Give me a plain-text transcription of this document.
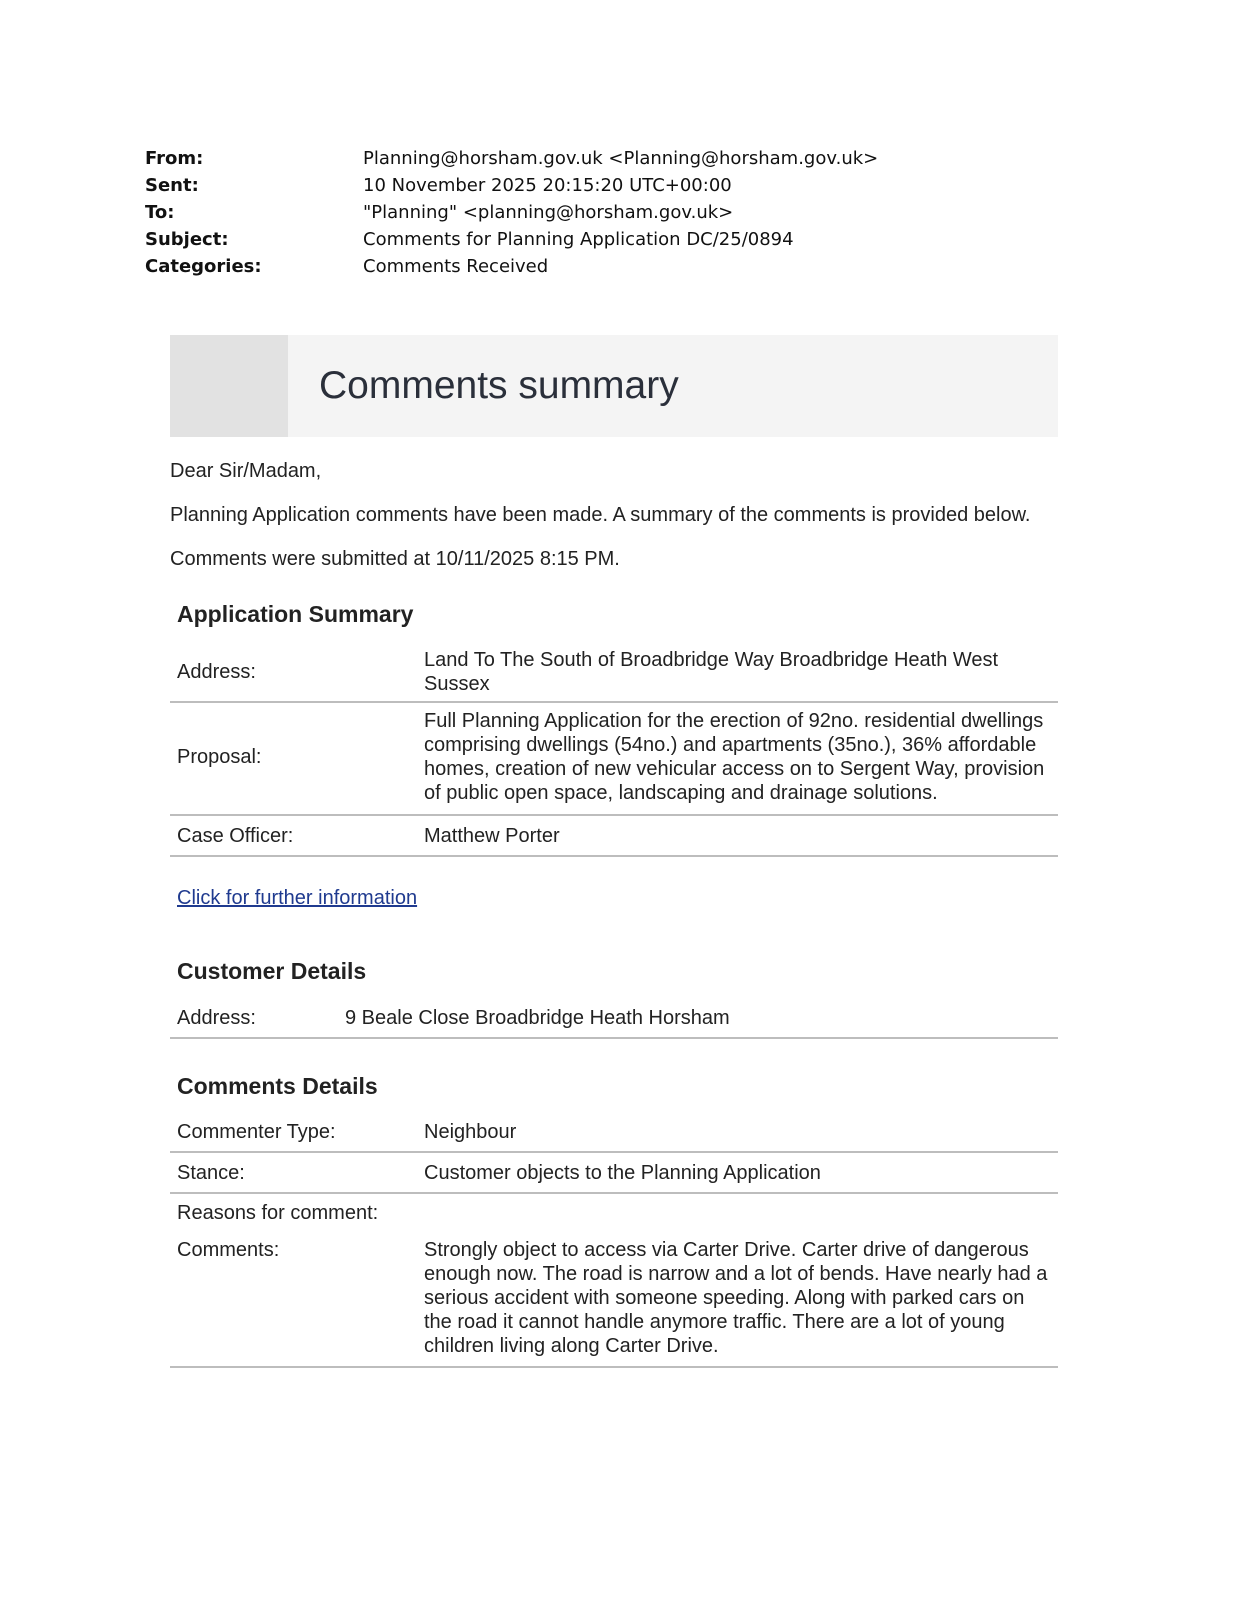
From:	Planning@horsham.gov.uk <Planning@horsham.gov.uk>
Sent:	10 November 2025 20:15:20 UTC+00:00
To:	"Planning" <planning@horsham.gov.uk>
Subject:	Comments for Planning Application DC/25/0894
Categories:	Comments Received
Comments summary

Dear Sir/Madam,

Planning Application comments have been made. A summary of the comments is provided below.

Comments were submitted at 10/11/2025 8:15 PM.

Application Summary
Address:
Land To The South of Broadbridge Way Broadbridge Heath West Sussex
Proposal:
Full Planning Application for the erection of 92no. residential dwellings comprising dwellings (54no.) and apartments (35no.), 36% affordable homes, creation of new vehicular access on to Sergent Way, provision of public open space, landscaping and drainage solutions.
Case Officer:	Matthew Porter
Click for further information
Customer Details
Address:	9 Beale Close Broadbridge Heath Horsham
Comments Details
Commenter Type:	Neighbour
Stance:	Customer objects to the Planning Application
Reasons for comment:
Comments:	Strongly object to access via Carter Drive. Carter drive of dangerous enough now. The road is narrow and a lot of bends. Have nearly had a serious accident with someone speeding. Along with parked cars on the road it cannot handle anymore traffic. There are a lot of young children living along Carter Drive.
